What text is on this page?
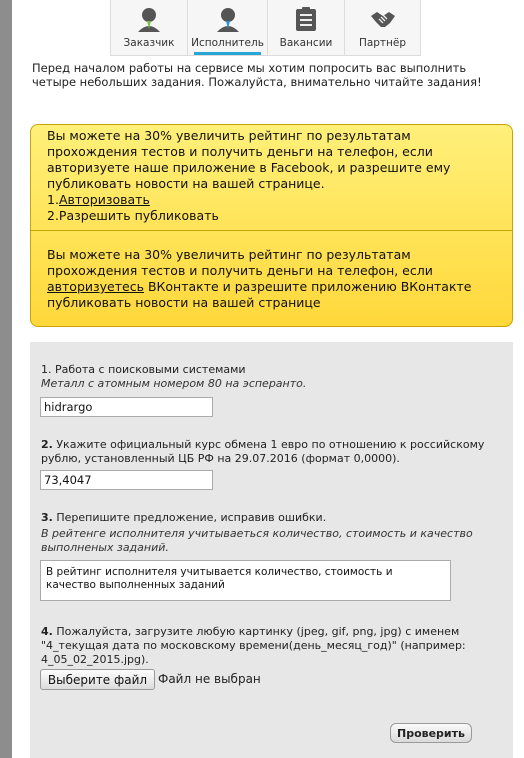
Заказчик	Исполнитель	Вакансии	Партнёр

Перед началом работы на сервисе мы хотим попросить вас выполнить четыре небольших задания. Пожалуйста, внимательно читайте задания!

Вы можете на 30% увеличить рейтинг по результатам прохождения тестов и получить деньги на телефон, если авторизуете наше приложение в Facebook, и разрешите ему публиковать новости на вашей странице.
1.Авторизовать
2.Разрешить публиковать
Вы можете на 30% увеличить рейтинг по результатам прохождения тестов и получить деньги на телефон, если авторизуетесь ВКонтакте и разрешите приложению ВКонтакте публиковать новости на вашей странице
1. Работа с поисковыми системами
Металл с атомным номером 80 на эсперанто.
hidrargo
2. Укажите официальный курс обмена 1 евро по отношению к российскому рублю, установленный ЦБ РФ на 29.07.2016 (формат 0,0000).
73,4047
3. Перепишите предложение, исправив ошибки.
В рейтенге исполнителя учитываеться количество, стоимость и качество выполненых заданий.
В рейтинг исполнителя учитывается количество, стоимость и качество выполненных заданий
4. Пожалуйста, загрузите любую картинку (jpeg, gif, png, jpg) с именем "4_текущая дата по московскому времени(день_месяц_год)" (например: 4_05_02_2015.jpg).
Выберите файл Файл не выбран
Проверить
